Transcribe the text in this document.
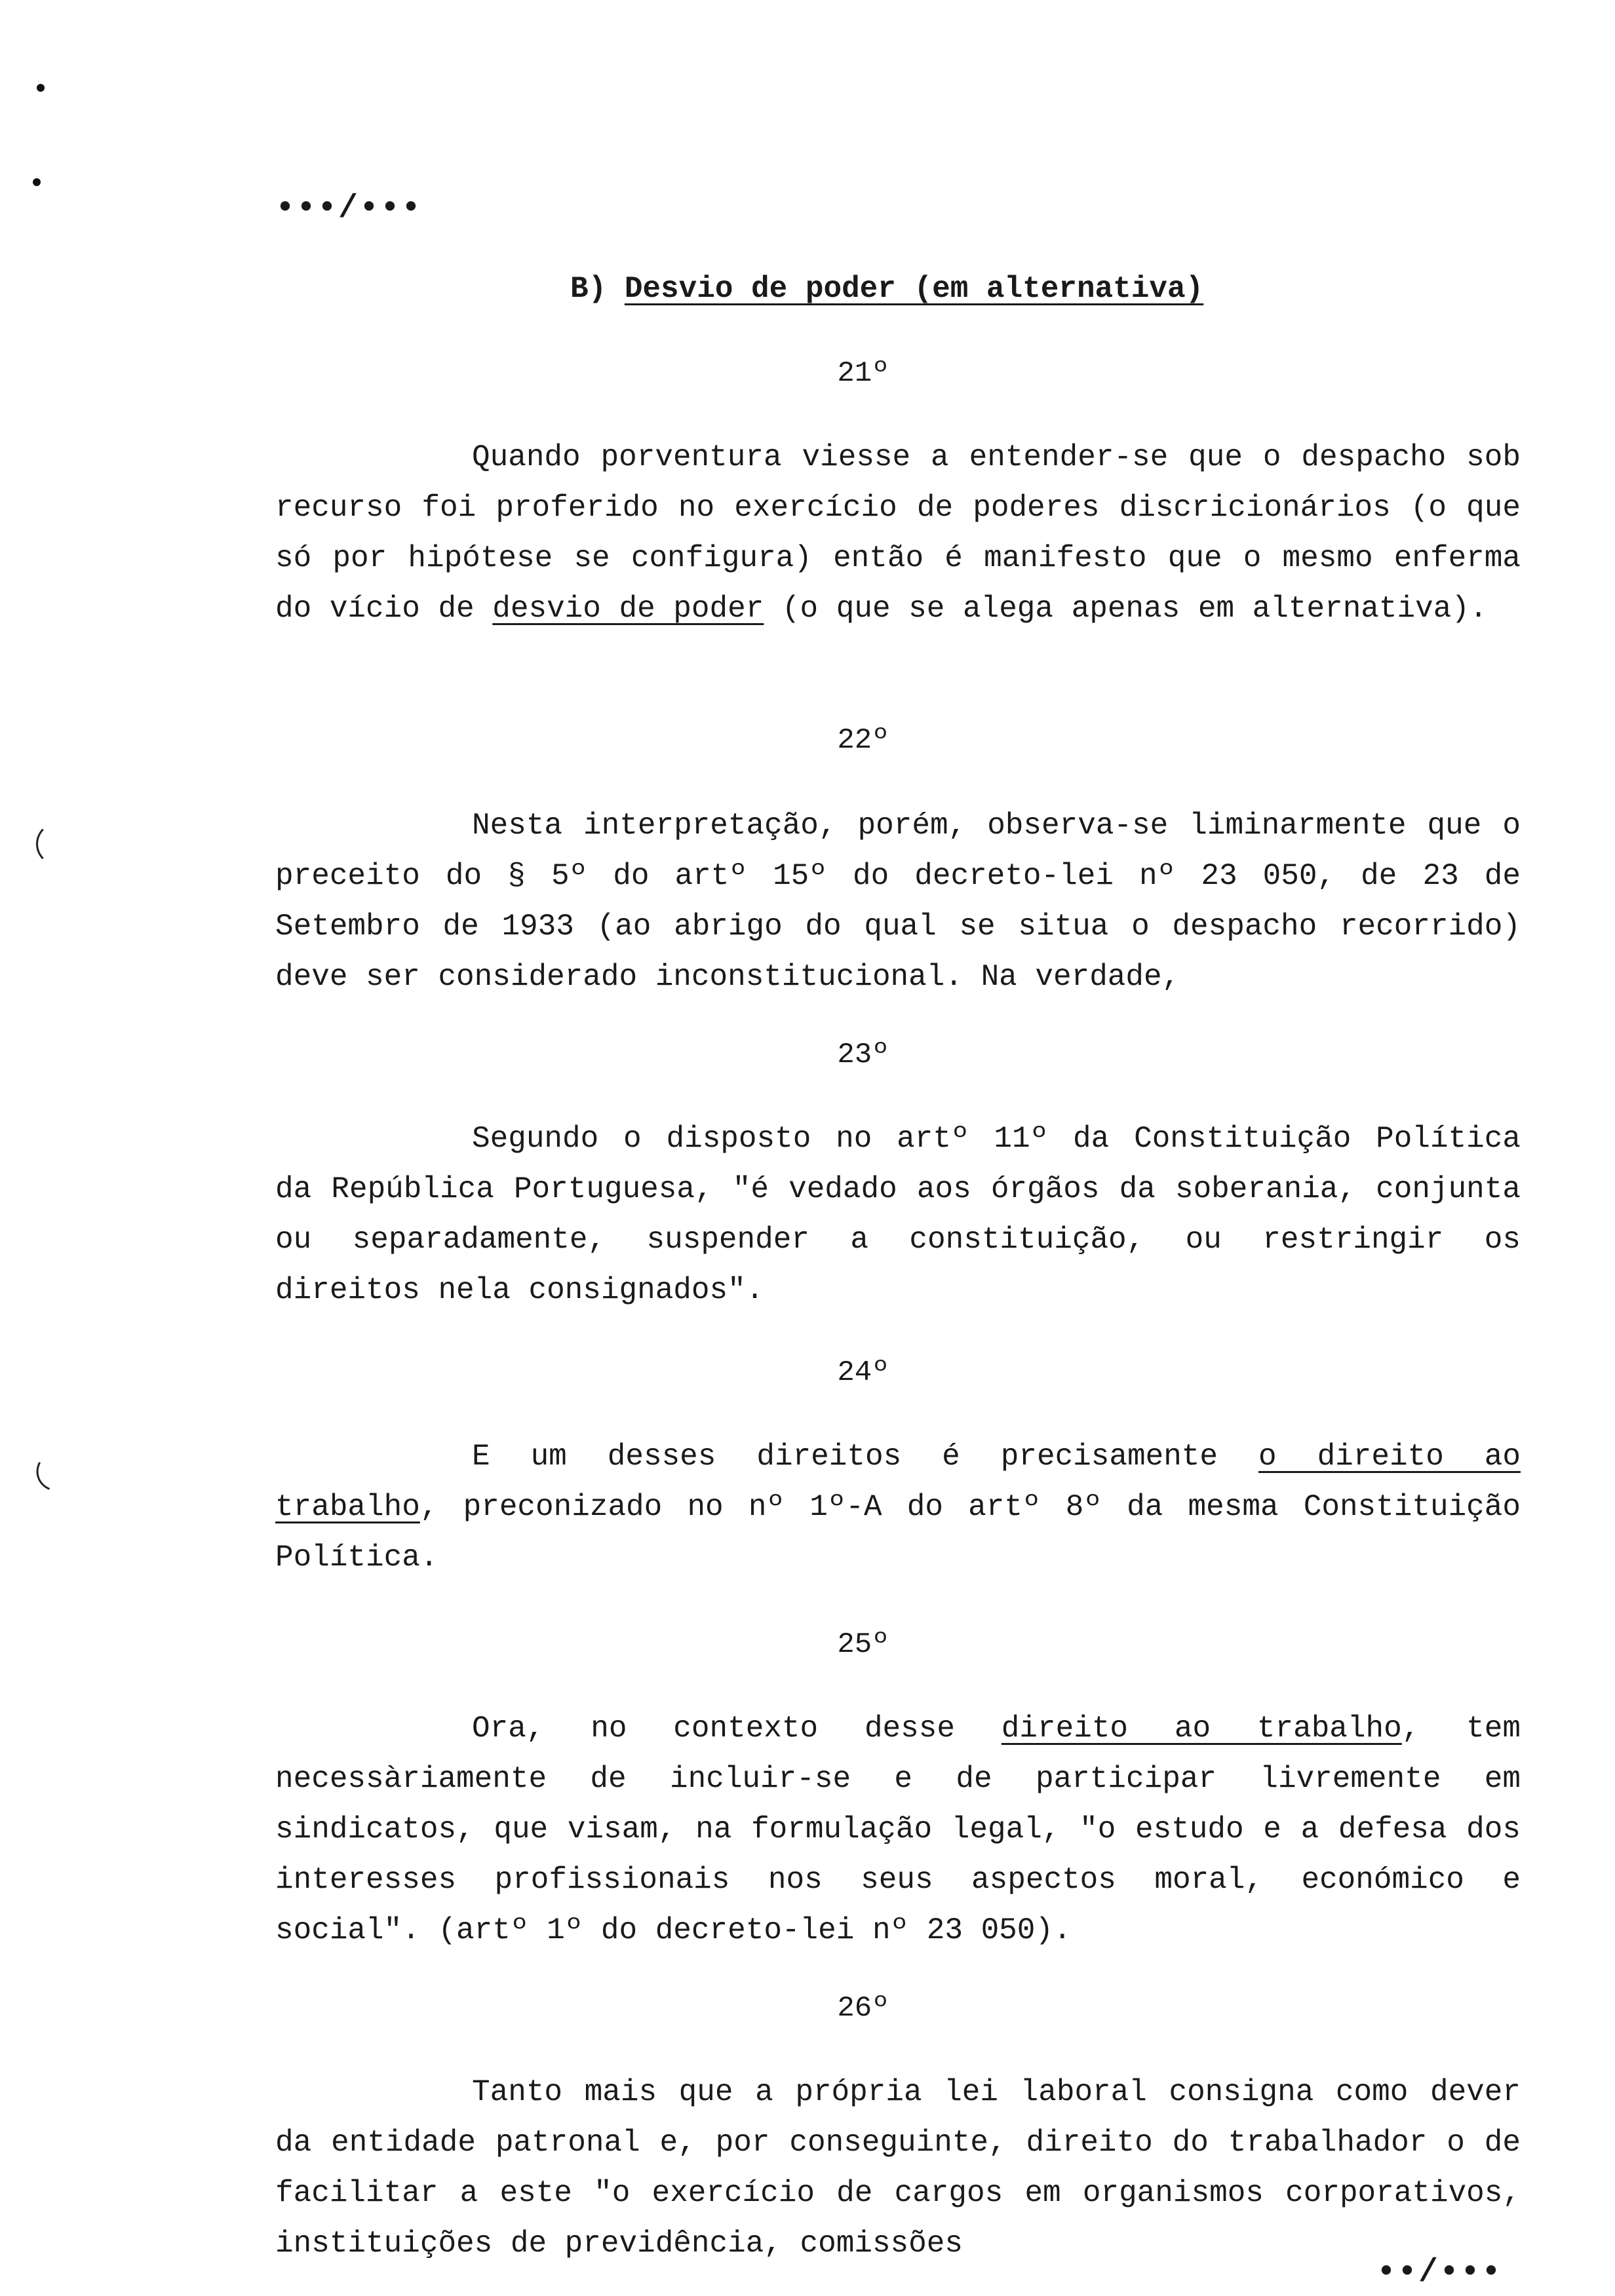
•••/•••
B) Desvio de poder (em alternativa)
21º
Quando porventura viesse a entender-se que o despacho sob recurso foi proferido no exercício de poderes discricionários (o que só por hipótese se configura) então é manifesto que o mesmo enferma do vício de desvio de poder (o que se alega apenas em alternativa).
22º
Nesta interpretação, porém, observa-se liminarmente que o preceito do § 5º do artº 15º do decreto-lei nº 23 050, de 23 de Setembro de 1933 (ao abrigo do qual se situa o despacho recorrido) deve ser considerado inconstitucional. Na verdade,
23º
Segundo o disposto no artº 11º da Constituição Política da República Portuguesa, "é vedado aos órgãos da soberania, conjunta ou separadamente, suspender a constituição, ou restringir os direitos nela consignados".
24º
E um desses direitos é precisamente o direito ao trabalho, preconizado no nº 1º-A do artº 8º da mesma Constituição Política.
25º
Ora, no contexto desse direito ao trabalho, tem necessàriamente de incluir-se e de participar livremente em sindicatos, que visam, na formulação legal, "o estudo e a defesa dos interesses profissionais nos seus aspectos moral, económico e social". (artº 1º do decreto-lei nº 23 050).
26º
Tanto mais que a própria lei laboral consigna como dever da entidade patronal e, por conseguinte, direito do trabalhador o de facilitar a este "o exercício de cargos em organismos corporativos, instituições de previdência, comissões
••/•••
